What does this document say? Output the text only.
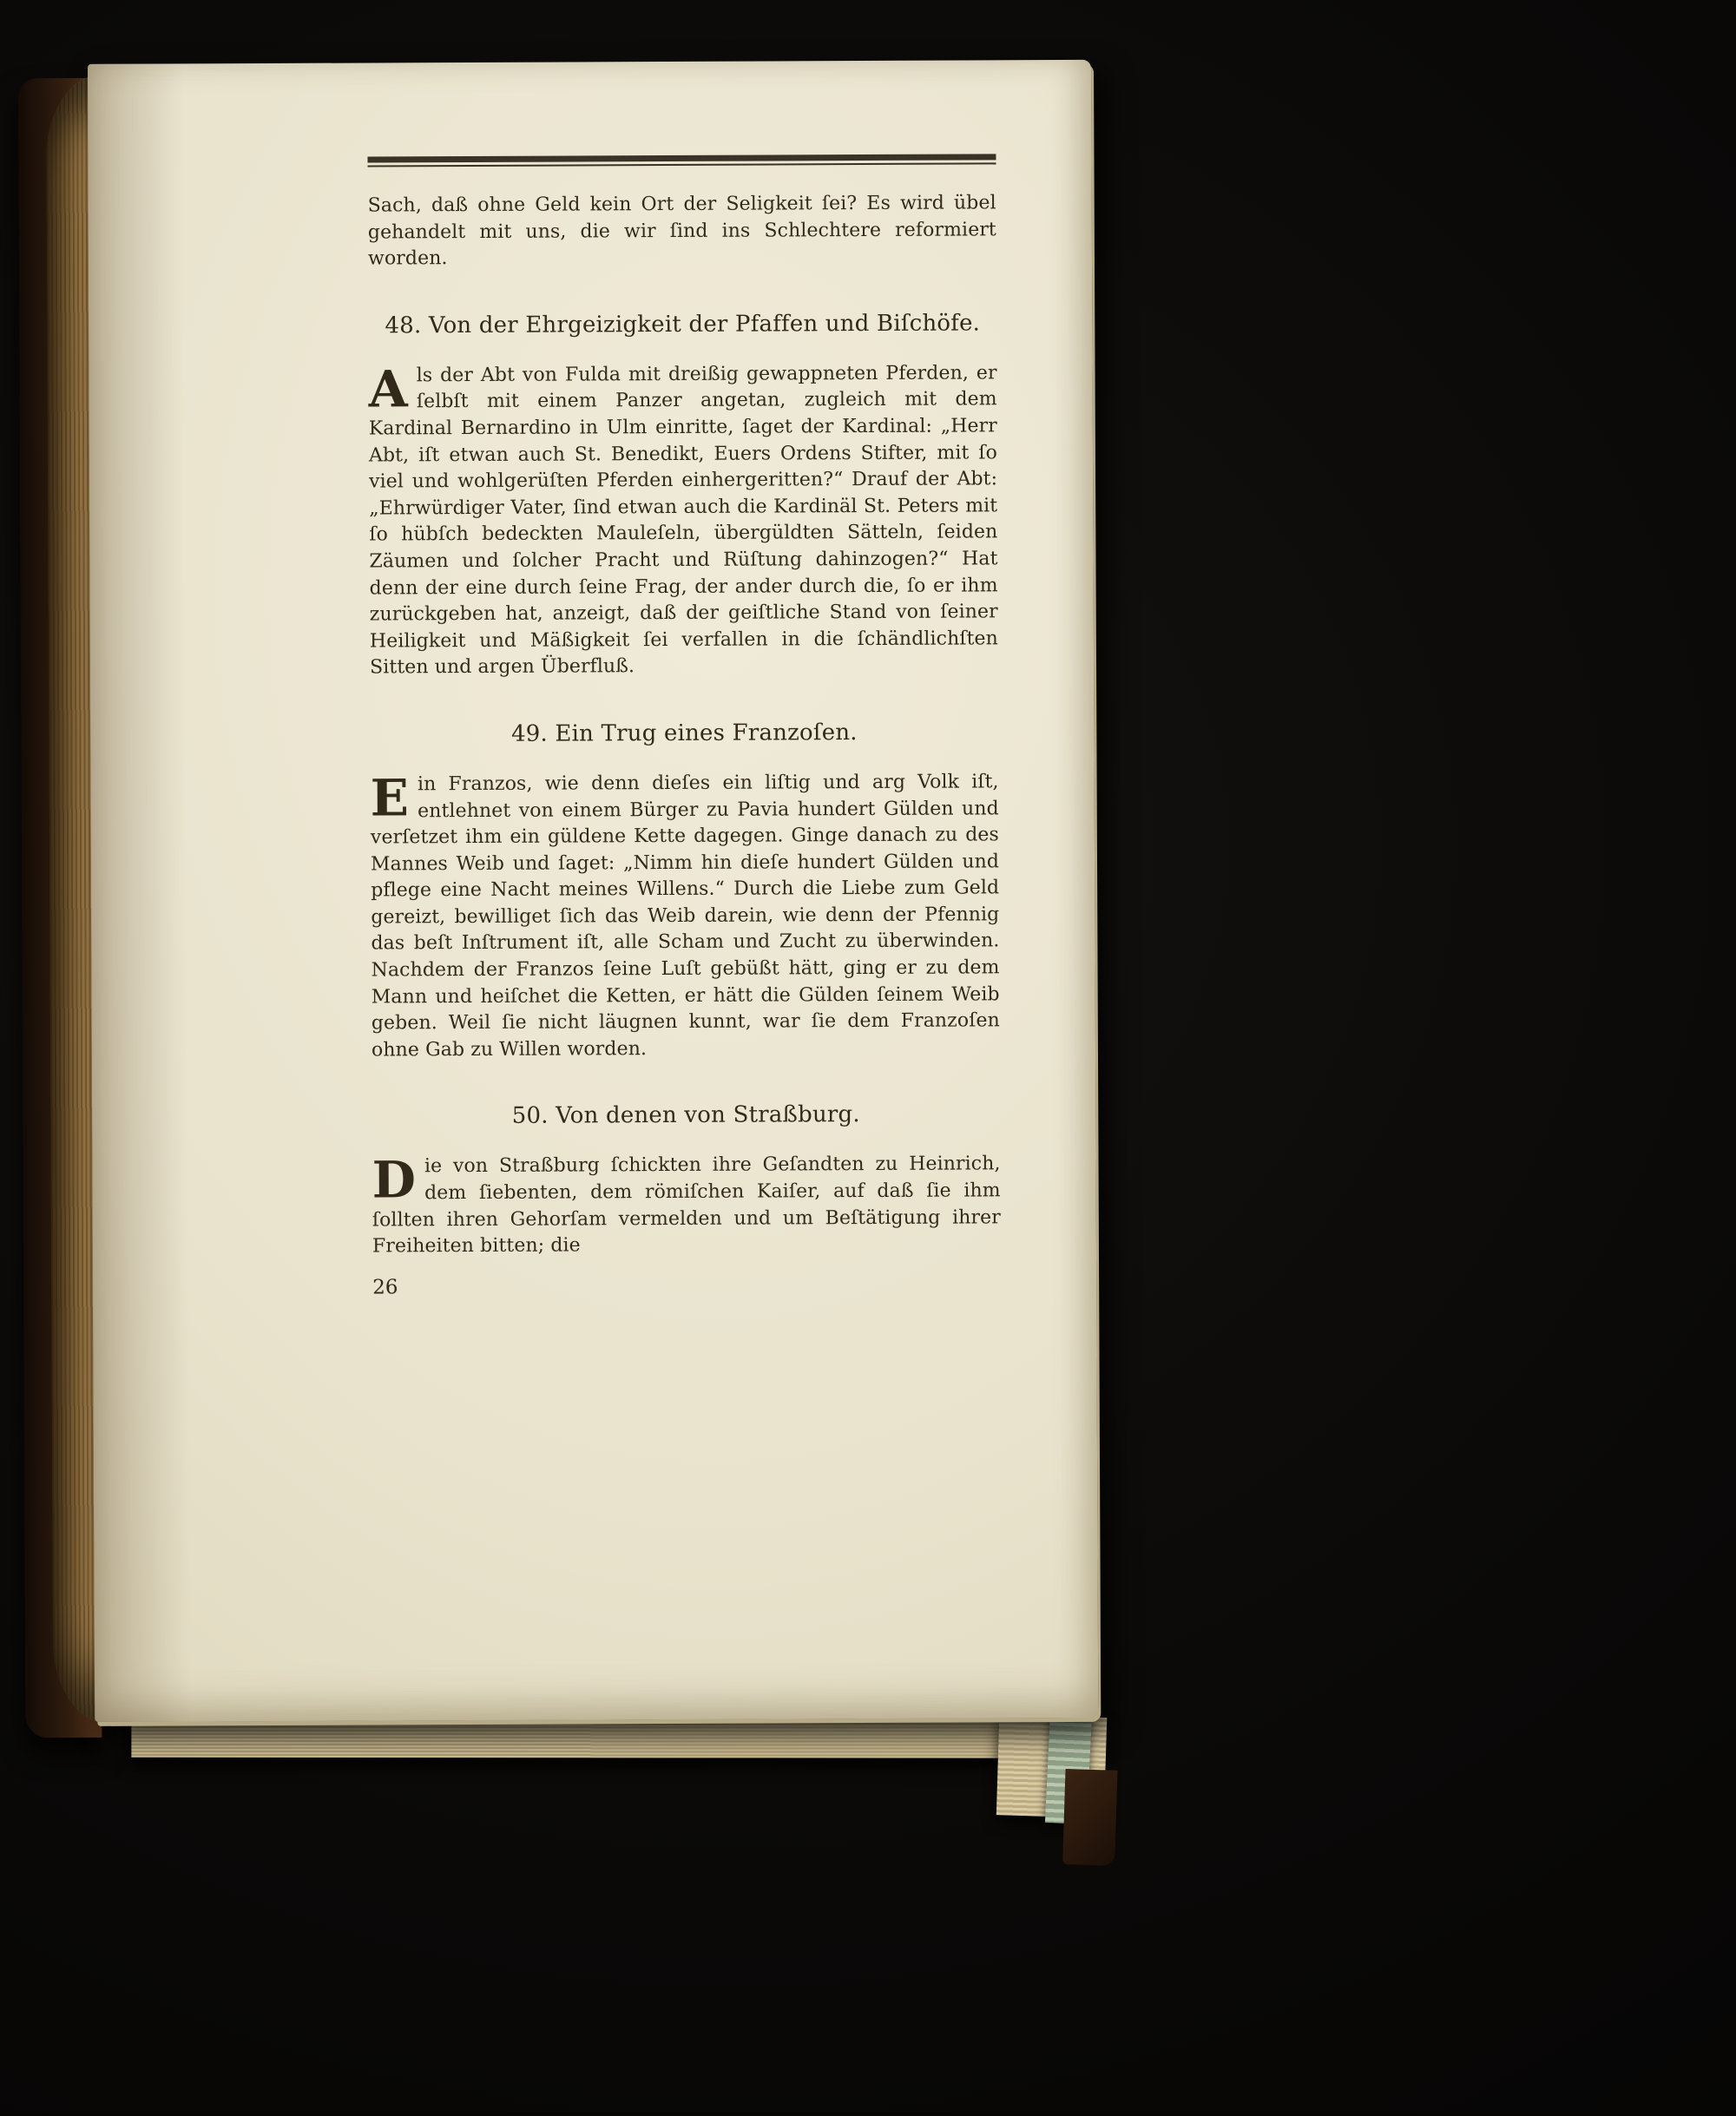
Sach, daß ohne Geld kein Ort der Seligkeit ſei? Es wird übel gehandelt mit uns, die wir ſind ins Schlechtere reformiert worden.

48. Von der Ehrgeizigkeit der Pfaffen und Biſchöfe.

Als der Abt von Fulda mit dreißig gewappneten Pferden, er ſelbſt mit einem Panzer angetan, zugleich mit dem Kardinal Bernardino in Ulm einritte, ſaget der Kardinal: „Herr Abt, iſt etwan auch St. Benedikt, Euers Ordens Stifter, mit ſo viel und wohlgerüſten Pferden einhergeritten?“ Drauf der Abt: „Ehrwürdiger Vater, ſind etwan auch die Kardinäl St. Peters mit ſo hübſch bedeckten Mauleſeln, übergüldten Sätteln, ſeiden Zäumen und ſolcher Pracht und Rüſtung dahinzogen?“ Hat denn der eine durch ſeine Frag, der ander durch die, ſo er ihm zurückgeben hat, anzeigt, daß der geiſtliche Stand von ſeiner Heiligkeit und Mäßigkeit ſei verfallen in die ſchändlichſten Sitten und argen Überfluß.

49. Ein Trug eines Franzoſen.

Ein Franzos, wie denn dieſes ein liſtig und arg Volk iſt, entlehnet von einem Bürger zu Pavia hundert Gülden und verſetzet ihm ein güldene Kette dagegen. Ginge danach zu des Mannes Weib und ſaget: „Nimm hin dieſe hundert Gülden und pflege eine Nacht meines Willens.“ Durch die Liebe zum Geld gereizt, bewilliget ſich das Weib darein, wie denn der Pfennig das beſt Inſtrument iſt, alle Scham und Zucht zu überwinden. Nachdem der Franzos ſeine Luſt gebüßt hätt, ging er zu dem Mann und heiſchet die Ketten, er hätt die Gülden ſeinem Weib geben. Weil ſie nicht läugnen kunnt, war ſie dem Franzoſen ohne Gab zu Willen worden.

50. Von denen von Straßburg.

Die von Straßburg ſchickten ihre Geſandten zu Heinrich, dem ſiebenten, dem römiſchen Kaiſer, auf daß ſie ihm ſollten ihren Gehorſam vermelden und um Beſtätigung ihrer Freiheiten bitten; die

26
